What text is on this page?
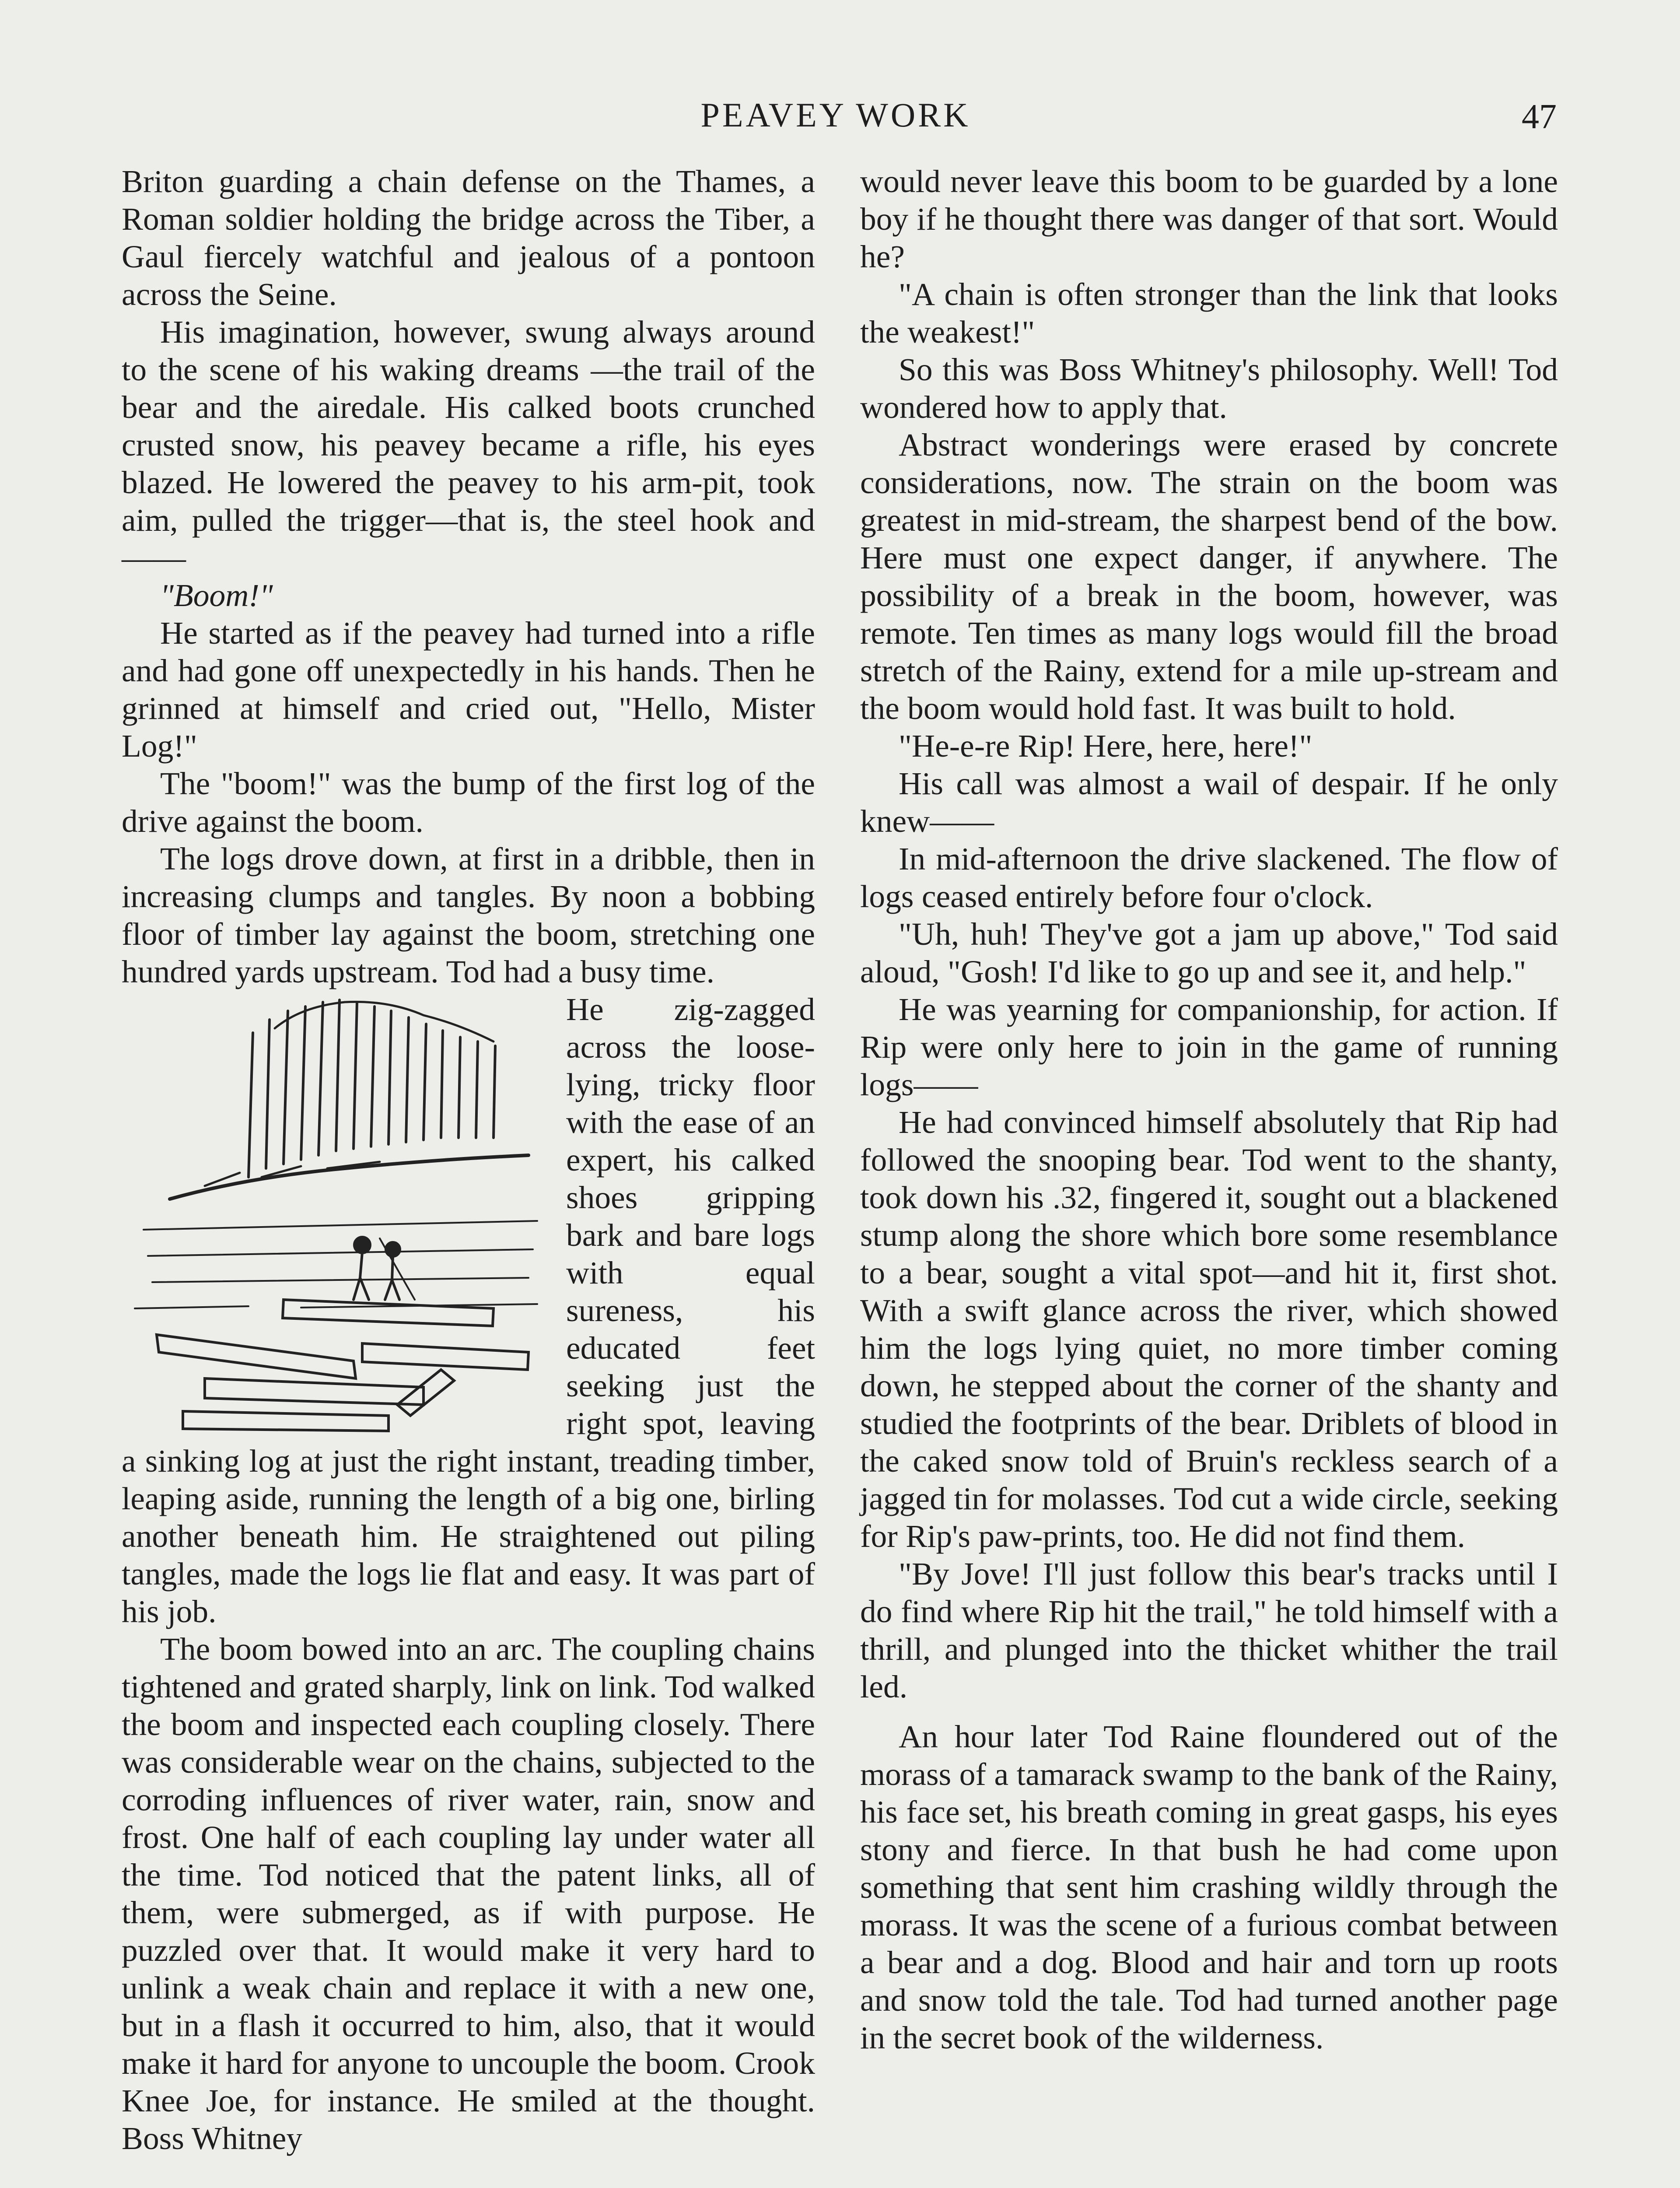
PEAVEY WORK	47

Briton guarding a chain defense on the Thames, a Roman soldier holding the bridge across the Tiber, a Gaul fiercely watchful and jealous of a pontoon across the Seine.

His imagination, however, swung always around to the scene of his waking dreams —the trail of the bear and the airedale. His calked boots crunched crusted snow, his peavey became a rifle, his eyes blazed. He lowered the peavey to his arm-pit, took aim, pulled the trigger—that is, the steel hook and——

"Boom!"

He started as if the peavey had turned into a rifle and had gone off unexpectedly in his hands. Then he grinned at himself and cried out, "Hello, Mister Log!"

The "boom!" was the bump of the first log of the drive against the boom.

The logs drove down, at first in a dribble, then in increasing clumps and tangles. By noon a bobbing floor of timber lay against the boom, stretching one hundred yards upstream. Tod had a busy time.

He zig-zagged across the loose-lying, tricky floor with the ease of an expert, his calked shoes gripping bark and bare logs with equal sureness, his educated feet seeking just the right spot, leaving a sinking log at just the right instant, treading timber, leaping aside, running the length of a big one, birling another beneath him. He straightened out piling tangles, made the logs lie flat and easy. It was part of his job.

The boom bowed into an arc. The coupling chains tightened and grated sharply, link on link. Tod walked the boom and inspected each coupling closely. There was considerable wear on the chains, subjected to the corroding influences of river water, rain, snow and frost. One half of each coupling lay under water all the time. Tod noticed that the patent links, all of them, were submerged, as if with purpose. He puzzled over that. It would make it very hard to unlink a weak chain and replace it with a new one, but in a flash it occurred to him, also, that it would make it hard for anyone to uncouple the boom. Crook Knee Joe, for instance. He smiled at the thought. Boss Whitney

would never leave this boom to be guarded by a lone boy if he thought there was danger of that sort. Would he?

"A chain is often stronger than the link that looks the weakest!"

So this was Boss Whitney's philosophy. Well! Tod wondered how to apply that.

Abstract wonderings were erased by concrete considerations, now. The strain on the boom was greatest in mid-stream, the sharpest bend of the bow. Here must one expect danger, if anywhere. The possibility of a break in the boom, however, was remote. Ten times as many logs would fill the broad stretch of the Rainy, extend for a mile up-stream and the boom would hold fast. It was built to hold.

"He-e-re Rip! Here, here, here!"

His call was almost a wail of despair. If he only knew——

In mid-afternoon the drive slackened. The flow of logs ceased entirely before four o'clock.

"Uh, huh! They've got a jam up above," Tod said aloud, "Gosh! I'd like to go up and see it, and help."

He was yearning for companionship, for action. If Rip were only here to join in the game of running logs——

He had convinced himself absolutely that Rip had followed the snooping bear. Tod went to the shanty, took down his .32, fingered it, sought out a blackened stump along the shore which bore some resemblance to a bear, sought a vital spot—and hit it, first shot. With a swift glance across the river, which showed him the logs lying quiet, no more timber coming down, he stepped about the corner of the shanty and studied the footprints of the bear. Driblets of blood in the caked snow told of Bruin's reckless search of a jagged tin for molasses. Tod cut a wide circle, seeking for Rip's paw-prints, too. He did not find them.

"By Jove! I'll just follow this bear's tracks until I do find where Rip hit the trail," he told himself with a thrill, and plunged into the thicket whither the trail led.

An hour later Tod Raine floundered out of the morass of a tamarack swamp to the bank of the Rainy, his face set, his breath coming in great gasps, his eyes stony and fierce. In that bush he had come upon something that sent him crashing wildly through the morass. It was the scene of a furious combat between a bear and a dog. Blood and hair and torn up roots and snow told the tale. Tod had turned another page in the secret book of the wilderness.
